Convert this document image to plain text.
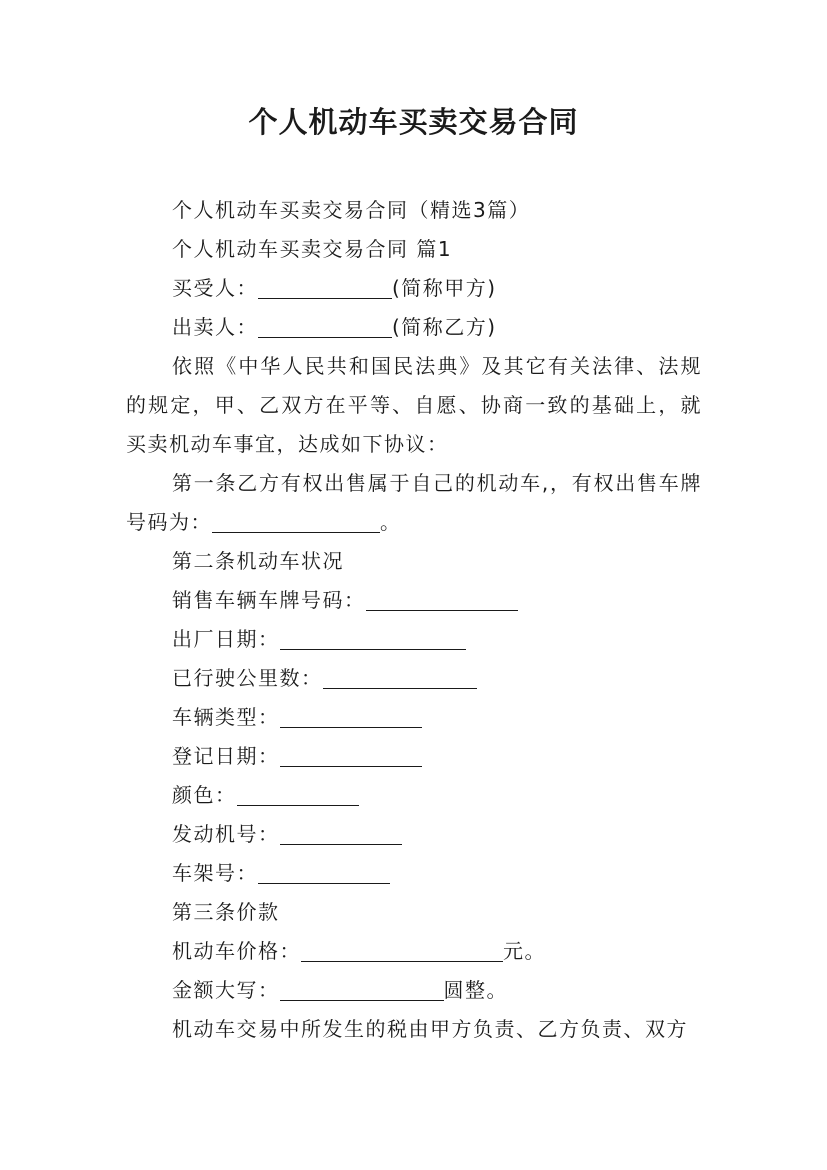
个人机动车买卖交易合同

个人机动车买卖交易合同（精选3篇）

个人机动车买卖交易合同 篇1

买受人：	(简称甲方)

出卖人：	(简称乙方)

依照《中华人民共和国民法典》及其它有关法律、法规的规定，甲、乙双方在平等、自愿、协商一致的基础上，就买卖机动车事宜，达成如下协议：

第一条乙方有权出售属于自己的机动车,，有权出售车牌号码为：	。

第二条机动车状况

销售车辆车牌号码：

出厂日期：

已行驶公里数：

车辆类型：

登记日期：

颜色：

发动机号：

车架号：

第三条价款

机动车价格：	元。

金额大写：	圆整。

机动车交易中所发生的税由甲方负责、乙方负责、双方
